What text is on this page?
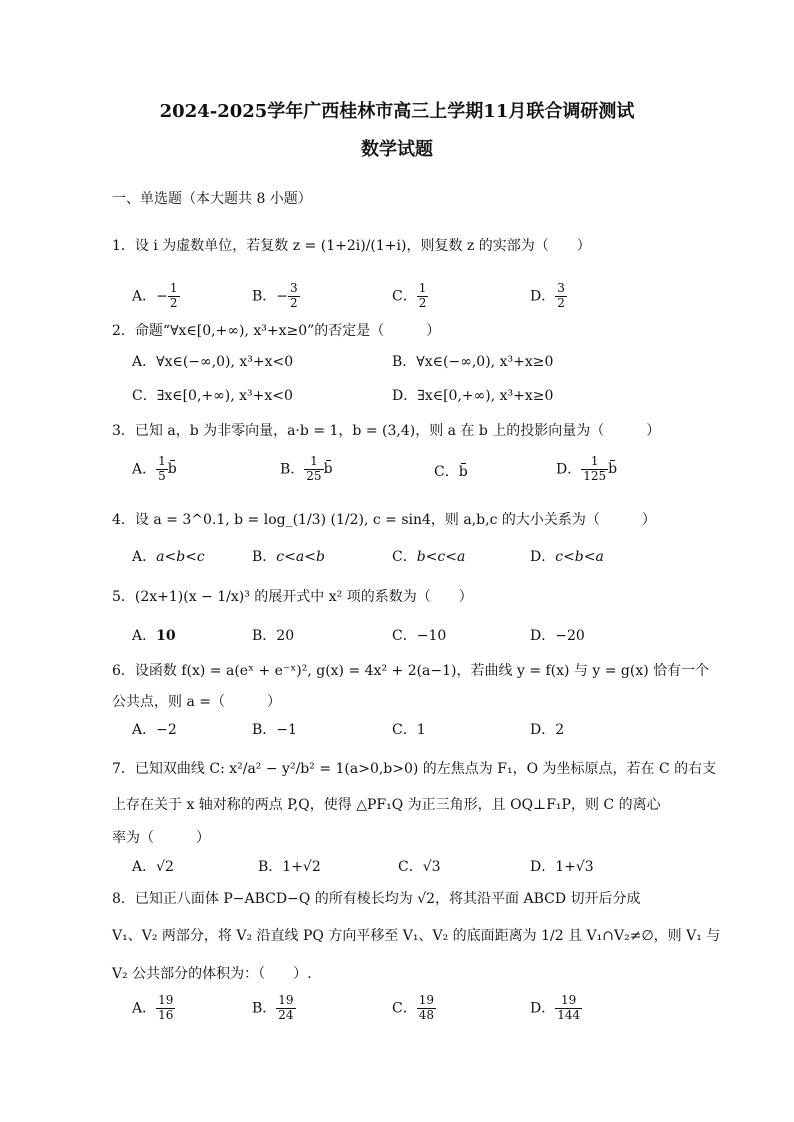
2024-2025学年广西桂林市高三上学期11月联合调研测试
数学试题
一、单选题（本大题共 8 小题）
1．设 i 为虚数单位，若复数 z = (1+2i)/(1+i)，则复数 z 的实部为（　　）
A．− $\frac{1}{2}$	B．− $\frac{3}{2}$	C． $\frac{1}{2}$	D． $\frac{3}{2}$
2．命题“∀x∈[0,+∞), x³+x≥0”的否定是（　　　）
A．∀x∈(−∞,0), x³+x<0	B．∀x∈(−∞,0), x³+x≥0
C．∃x∈[0,+∞), x³+x<0	D．∃x∈[0,+∞), x³+x≥0
3．已知 a，b 为非零向量，a·b = 1，b = (3,4)，则 a 在 b 上的投影向量为（　　　）
A． $\frac{1}{5}$ b	B． $\frac{1}{25}$ b	C．b	D． $\frac{1}{125}$ b
4．设 a = 3^0.1, b = log_(1/3) (1/2), c = sin4，则 a,b,c 的大小关系为（　　　）
A．a<b<c	B．c<a<b	C．b<c<a	D．c<b<a
5．(2x+1)(x − 1/x)³ 的展开式中 x² 项的系数为（　　）
A．10	B．20	C．−10	D．−20
6．设函数 f(x) = a(eˣ + e⁻ˣ)², g(x) = 4x² + 2(a−1)，若曲线 y = f(x) 与 y = g(x) 恰有一个
公共点，则 a =（　　　）
A．−2	B．−1	C．1	D．2
7．已知双曲线 C: x²/a² − y²/b² = 1(a>0,b>0) 的左焦点为 F₁，O 为坐标原点，若在 C 的右支
上存在关于 x 轴对称的两点 P,Q，使得 △PF₁Q 为正三角形，且 OQ⊥F₁P，则 C 的离心
率为（　　　）
A．√2	B．1+√2	C．√3	D．1+√3
8．已知正八面体 P−ABCD−Q 的所有棱长均为 √2，将其沿平面 ABCD 切开后分成
V₁、V₂ 两部分，将 V₂ 沿直线 PQ 方向平移至 V₁、V₂ 的底面距离为 1/2 且 V₁∩V₂≠∅，则 V₁ 与
V₂ 公共部分的体积为：（　　）.
A． $\frac{19}{16}$	B． $\frac{19}{24}$	C． $\frac{19}{48}$	D． $\frac{19}{144}$
